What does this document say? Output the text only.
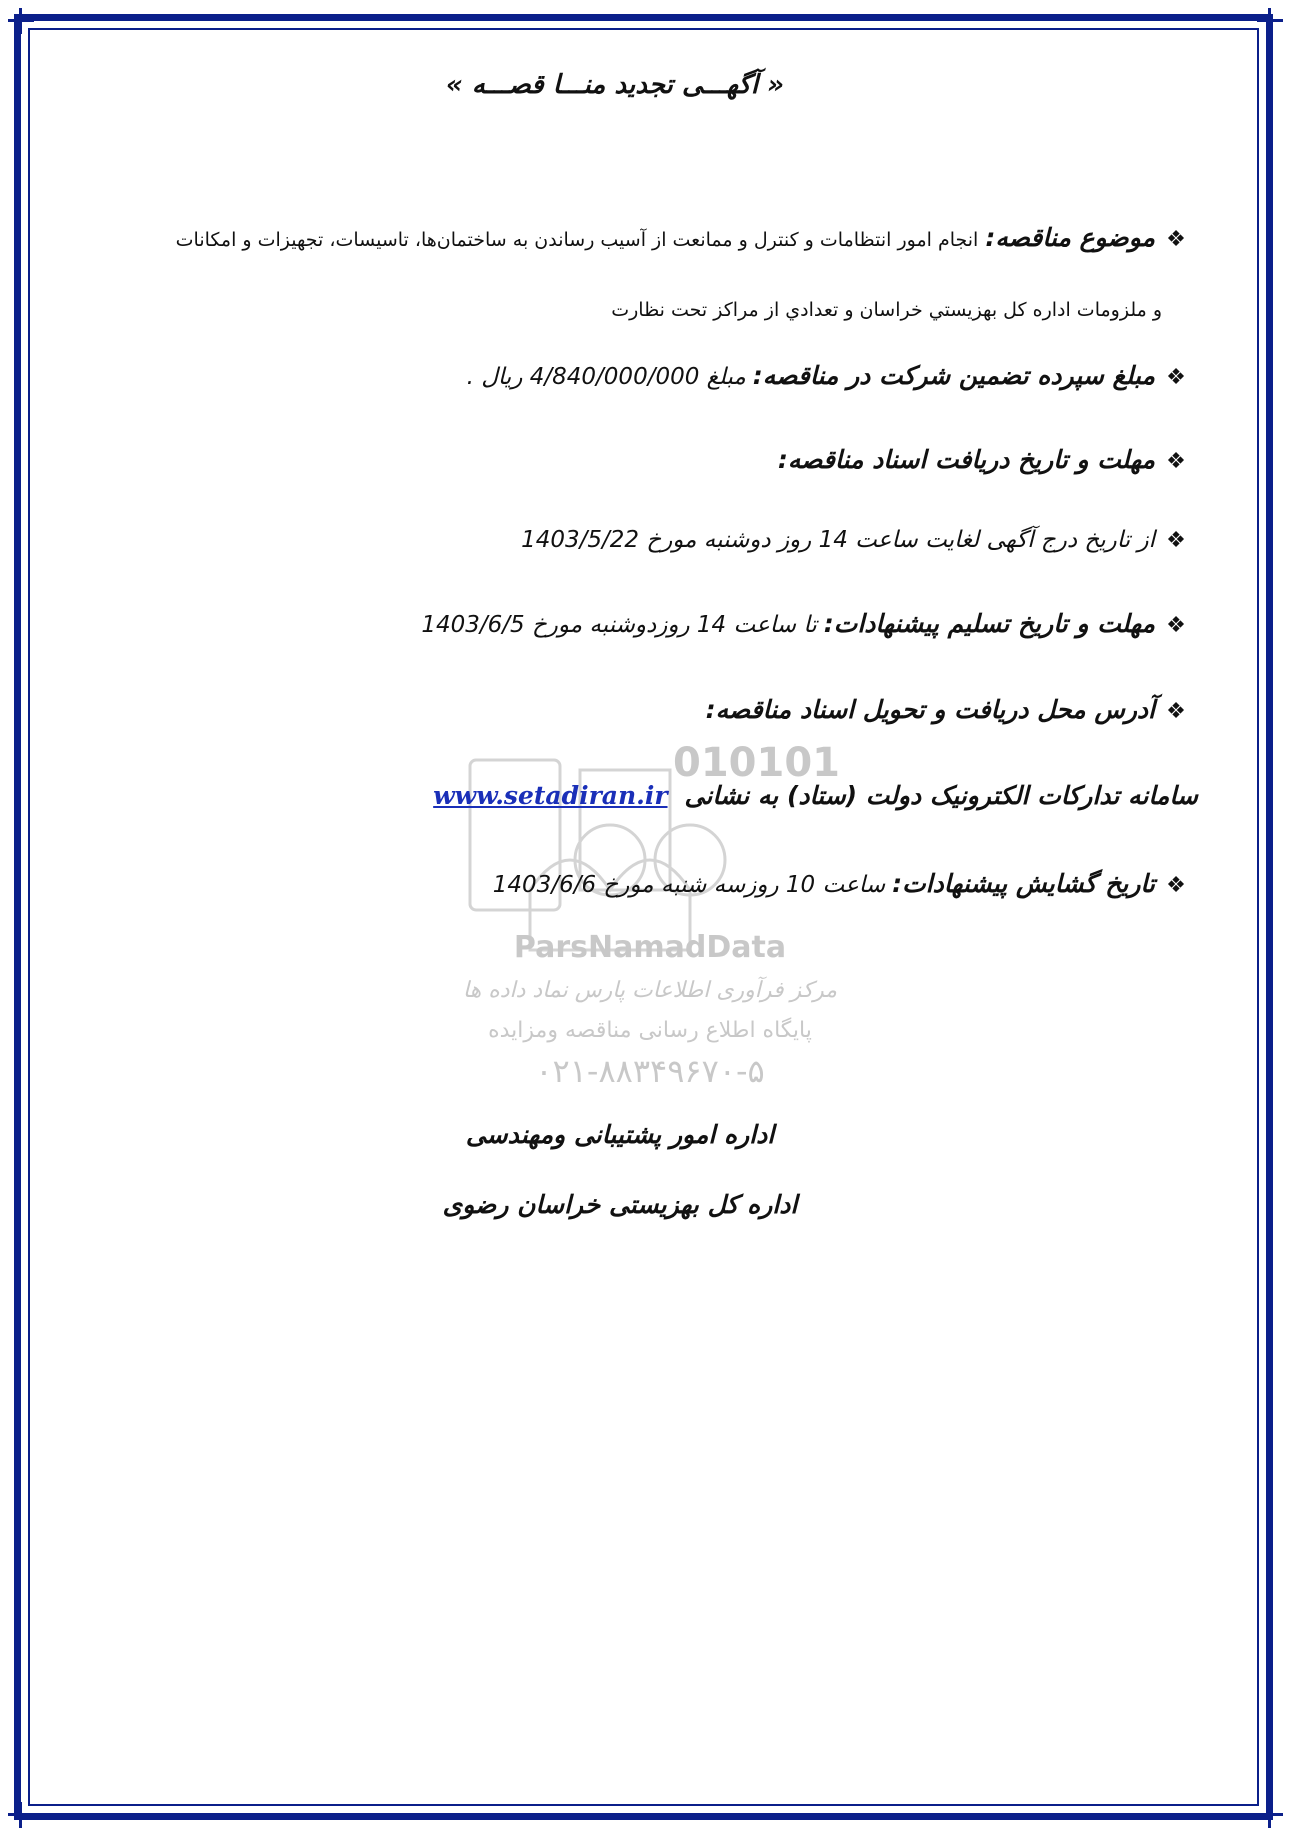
010101
ParsNamadData
مرکز فرآوری اطلاعات پارس نماد داده ها
پایگاه اطلاع رسانی مناقصه ومزایده
۰۲۱-۸۸۳۴۹۶۷۰-۵
« آگهـــی تجدید منـــا قصـــه »
❖ موضوع مناقصه: انجام امور انتظامات و کنترل و ممانعت از آسیب رساندن به ساختمان‌ها، تاسیسات، تجهیزات و امکانات
و ملزومات اداره کل بهزيستي خراسان و تعدادي از مراكز تحت نظارت
❖ مبلغ سپرده تضمین شرکت در مناقصه: مبلغ 4/840/000/000 ریال .
❖ مهلت و تاریخ دریافت اسناد مناقصه:
❖ از تاریخ درج آگهی لغایت ساعت 14 روز دوشنبه مورخ 1403/5/22
❖ مهلت و تاریخ تسلیم پیشنهادات: تا ساعت 14 روزدوشنبه مورخ 1403/6/5
❖ آدرس محل دریافت و تحویل اسناد مناقصه:
سامانه تدارکات الکترونیک دولت (ستاد) به نشانی www.setadiran.ir
❖ تاریخ گشایش پیشنهادات: ساعت 10 روزسه شنبه مورخ 1403/6/6
اداره امور پشتیبانی ومهندسی
اداره کل بهزیستی خراسان رضوی
